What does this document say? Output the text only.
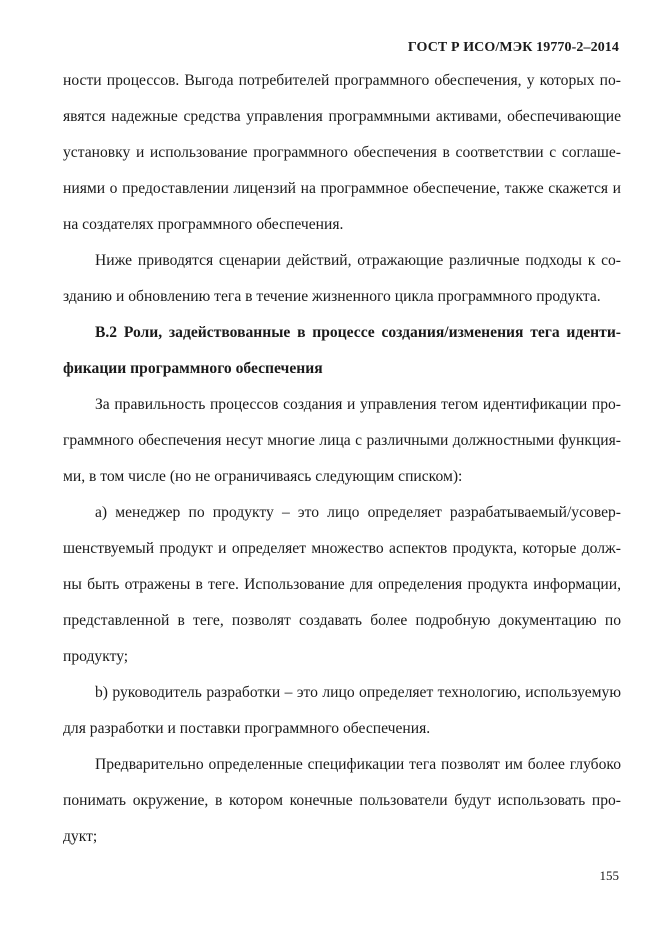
ГОСТ Р ИСО/МЭК 19770-2–2014

ности процессов. Выгода потребителей программного обеспечения, у которых по-явятся надежные средства управления программными активами, обеспечивающие установку и использование программного обеспечения в соответствии с соглаше-ниями о предоставлении лицензий на программное обеспечение, также скажется и на создателях программного обеспечения.

Ниже приводятся сценарии действий, отражающие различные подходы к со-зданию и обновлению тега в течение жизненного цикла программного продукта.

В.2 Роли, задействованные в процессе создания/изменения тега иденти-фикации программного обеспечения

За правильность процессов создания и управления тегом идентификации про-граммного обеспечения несут многие лица с различными должностными функция-ми, в том числе (но не ограничиваясь следующим списком):

a) менеджер по продукту – это лицо определяет разрабатываемый/усовер-шенствуемый продукт и определяет множество аспектов продукта, которые долж-ны быть отражены в теге. Использование для определения продукта информации, представленной в теге, позволят создавать более подробную документацию по продукту;

b) руководитель разработки – это лицо определяет технологию, используемую для разработки и поставки программного обеспечения.

Предварительно определенные спецификации тега позволят им более глубоко понимать окружение, в котором конечные пользователи будут использовать про-дукт;

155
